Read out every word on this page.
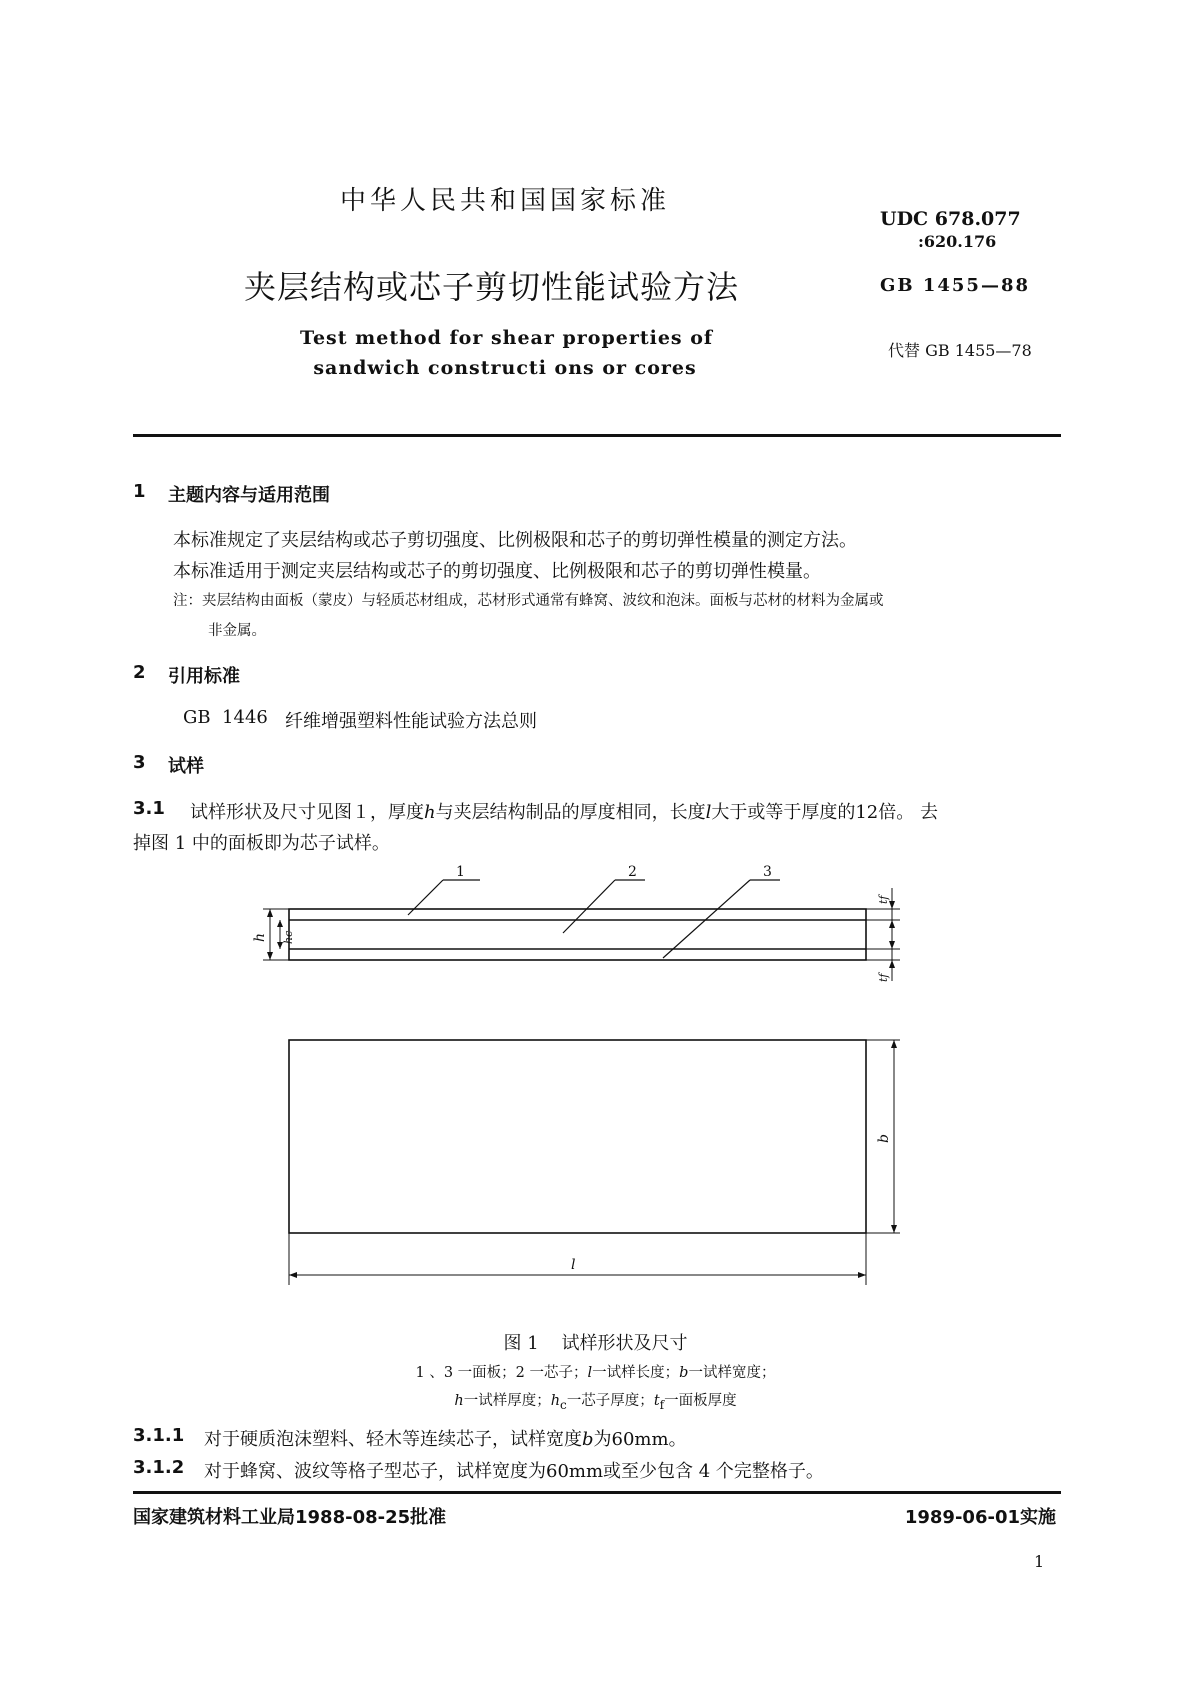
中华人民共和国国家标准
UDC 678.077
:620.176
夹层结构或芯子剪切性能试验方法	GB 1455—88
Test method for shear properties of
sandwich constructi ons or cores
代替 GB 1455—78
1 主题内容与适用范围
本标准规定了夹层结构或芯子剪切强度、比例极限和芯子的剪切弹性模量的测定方法。
本标准适用于测定夹层结构或芯子的剪切强度、比例极限和芯子的剪切弹性模量。
注：夹层结构由面板（蒙皮）与轻质芯材组成，芯材形式通常有蜂窝、波纹和泡沫。面板与芯材的材料为金属或
非金属。
2 引用标准
GB  1446 纤维增强塑料性能试验方法总则
3 试样
3.1 试样形状及尺寸见图１，厚度h与夹层结构制品的厚度相同，长度l大于或等于厚度的12倍。 去
掉图 1 中的面板即为芯子试样。
1	2	3
h hc
tf
tf
b
l
图 1    试样形状及尺寸
1 、3 一面板；2 一芯子；l一试样长度；b一试样宽度；
h一试样厚度；$h_c$一芯子厚度；$t_f$一面板厚度
3.1.1 对于硬质泡沫塑料、轻木等连续芯子，试样宽度b为60mm。
3.1.2 对于蜂窝、波纹等格子型芯子，试样宽度为60mm或至少包含 4 个完整格子。
国家建筑材料工业局1988-08-25批准	1989-06-01实施
1
